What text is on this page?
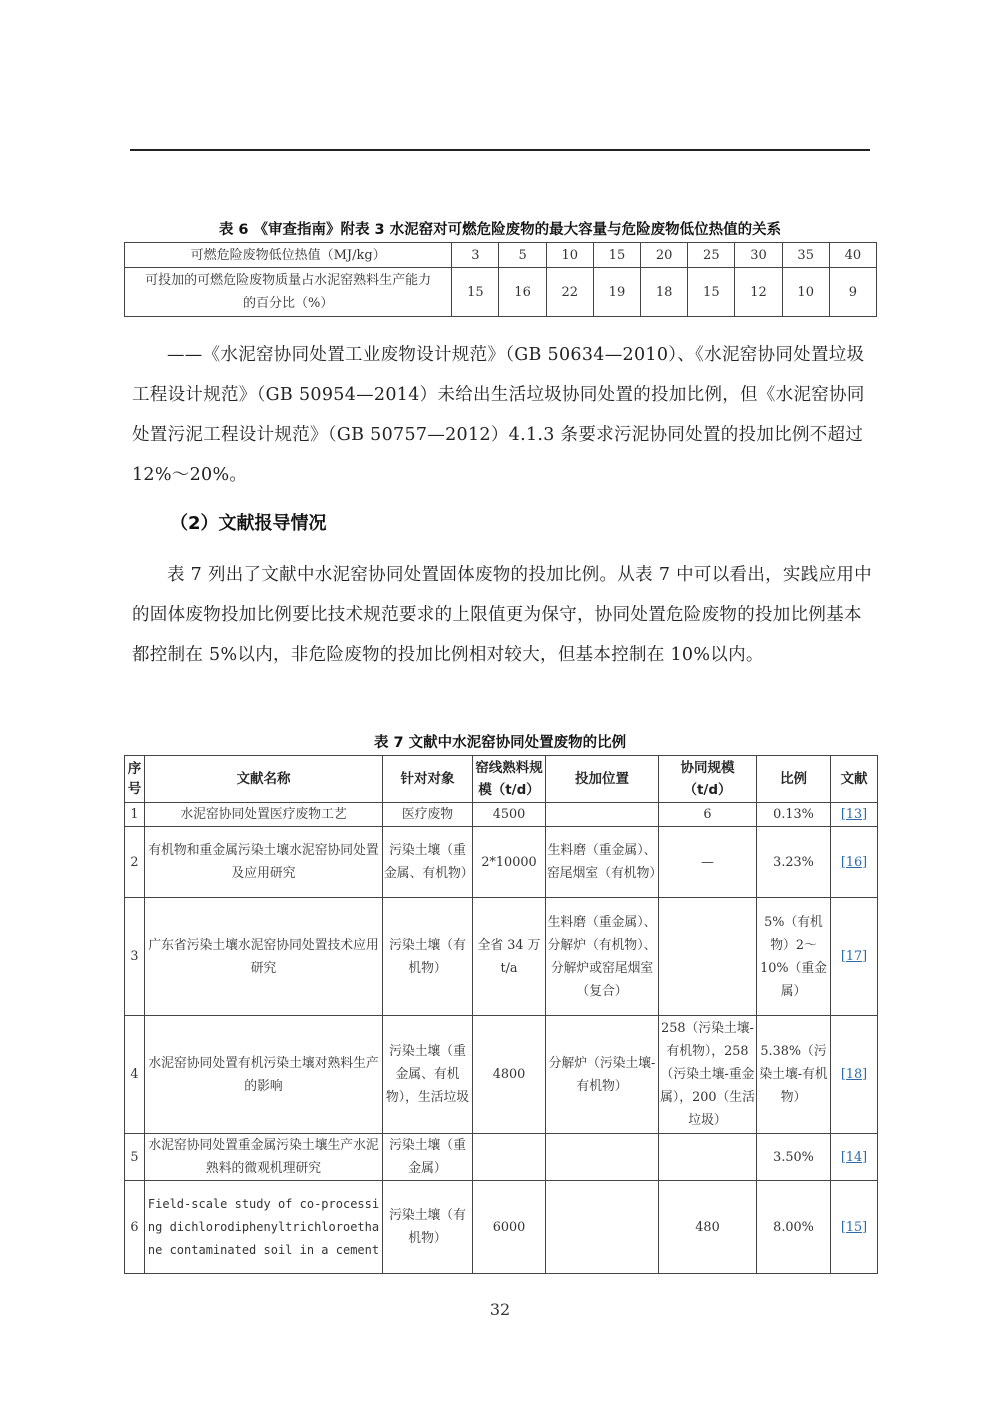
表 6 《审查指南》附表 3 水泥窑对可燃危险废物的最大容量与危险废物低位热值的关系
可燃危险废物低位热值（MJ/kg）	3	5	10	15	20	25	30	35	40
可投加的可燃危险废物质量占水泥窑熟料生产能力的百分比（%）	15	16	22	19	18	15	12	10	9
——《水泥窑协同处置工业废物设计规范》（GB 50634—2010）、《水泥窑协同处置垃圾工程设计规范》（GB 50954—2014）未给出生活垃圾协同处置的投加比例，但《水泥窑协同处置污泥工程设计规范》（GB 50757—2012）4.1.3 条要求污泥协同处置的投加比例不超过 12%～20%。
（2）文献报导情况
表 7 列出了文献中水泥窑协同处置固体废物的投加比例。从表 7 中可以看出，实践应用中的固体废物投加比例要比技术规范要求的上限值更为保守，协同处置危险废物的投加比例基本都控制在 5%以内，非危险废物的投加比例相对较大，但基本控制在 10%以内。
表 7 文献中水泥窑协同处置废物的比例
序号	文献名称	针对对象	窑线熟料规模（t/d）	投加位置	协同规模（t/d）	比例	文献
1	水泥窑协同处置医疗废物工艺	医疗废物	4500		6	0.13%	[13]
2	有机物和重金属污染土壤水泥窑协同处置及应用研究	污染土壤（重金属、有机物）	2*10000	生料磨（重金属）、窑尾烟室（有机物）	—	3.23%	[16]
3	广东省污染土壤水泥窑协同处置技术应用研究	污染土壤（有机物）	全省 34 万 t/a	生料磨（重金属）、分解炉（有机物）、分解炉或窑尾烟室（复合）		5%（有机物）2～10%（重金属）	[17]
4	水泥窑协同处置有机污染土壤对熟料生产的影响	污染土壤（重金属、有机物），生活垃圾	4800	分解炉（污染土壤-有机物）	258（污染土壤-有机物），258（污染土壤-重金属），200（生活垃圾）	5.38%（污染土壤-有机物）	[18]
5	水泥窑协同处置重金属污染土壤生产水泥熟料的微观机理研究	污染土壤（重金属）				3.50%	[14]
6	Field-scale study of co-processing dichlorodiphenyltrichloroethane contaminated soil in a cement	污染土壤（有机物）	6000		480	8.00%	[15]
32
